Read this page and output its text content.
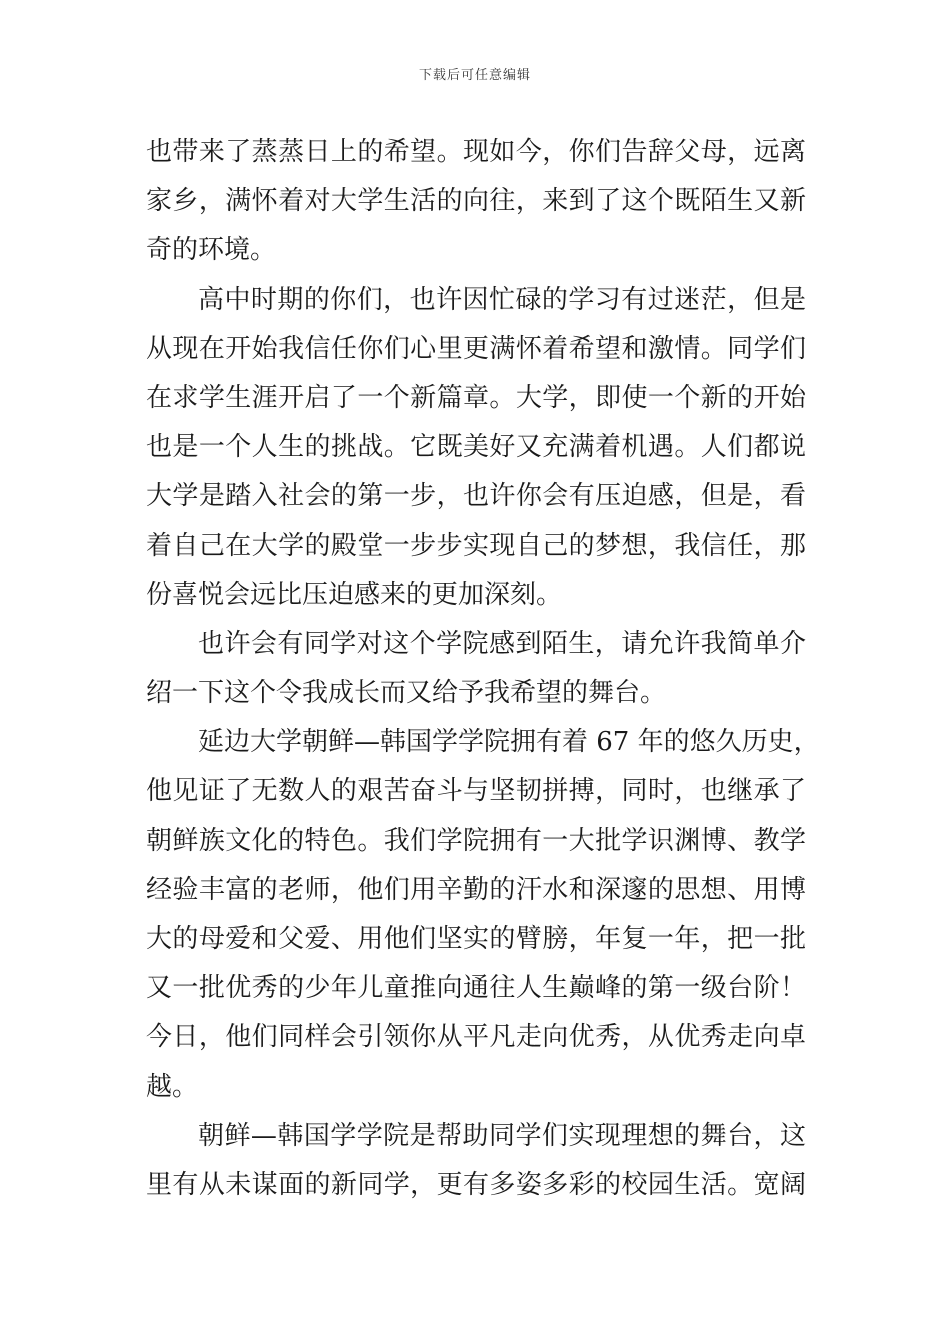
下载后可任意编辑
也带来了蒸蒸日上的希望。现如今，你们告辞父母，远离
家乡，满怀着对大学生活的向往，来到了这个既陌生又新
奇的环境。
高中时期的你们，也许因忙碌的学习有过迷茫，但是
从现在开始我信任你们心里更满怀着希望和激情。同学们
在求学生涯开启了一个新篇章。大学，即使一个新的开始
也是一个人生的挑战。它既美好又充满着机遇。人们都说
大学是踏入社会的第一步，也许你会有压迫感，但是，看
着自己在大学的殿堂一步步实现自己的梦想，我信任，那
份喜悦会远比压迫感来的更加深刻。
也许会有同学对这个学院感到陌生，请允许我简单介
绍一下这个令我成长而又给予我希望的舞台。
延边大学朝鲜—韩国学学院拥有着 67 年的悠久历史，
他见证了无数人的艰苦奋斗与坚韧拼搏，同时，也继承了
朝鲜族文化的特色。我们学院拥有一大批学识渊博、教学
经验丰富的老师，他们用辛勤的汗水和深邃的思想、用博
大的母爱和父爱、用他们坚实的臂膀，年复一年，把一批
又一批优秀的少年儿童推向通往人生巅峰的第一级台阶！
今日，他们同样会引领你从平凡走向优秀，从优秀走向卓
越。
朝鲜—韩国学学院是帮助同学们实现理想的舞台，这
里有从未谋面的新同学，更有多姿多彩的校园生活。宽阔
